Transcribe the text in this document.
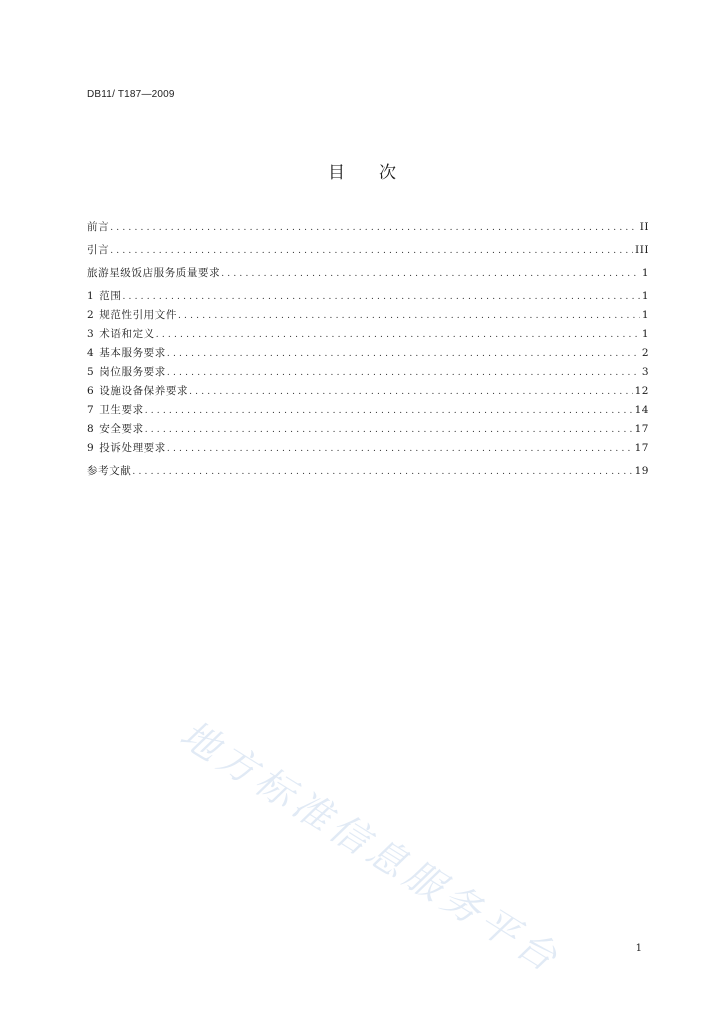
DB11/ T187—2009
目次
前言 .....	II
引言 .....	III
旅游星级饭店服务质量要求 .....	1
1 范围 .....	1
2 规范性引用文件 .....	1
3 术语和定义 .....	1
4 基本服务要求 .....	2
5 岗位服务要求 .....	3
6 设施设备保养要求 .....	12
7 卫生要求 .....	14
8 安全要求 .....	17
9 投诉处理要求 .....	17
参考文献 .....	19
地方标准信息服务平台	1
